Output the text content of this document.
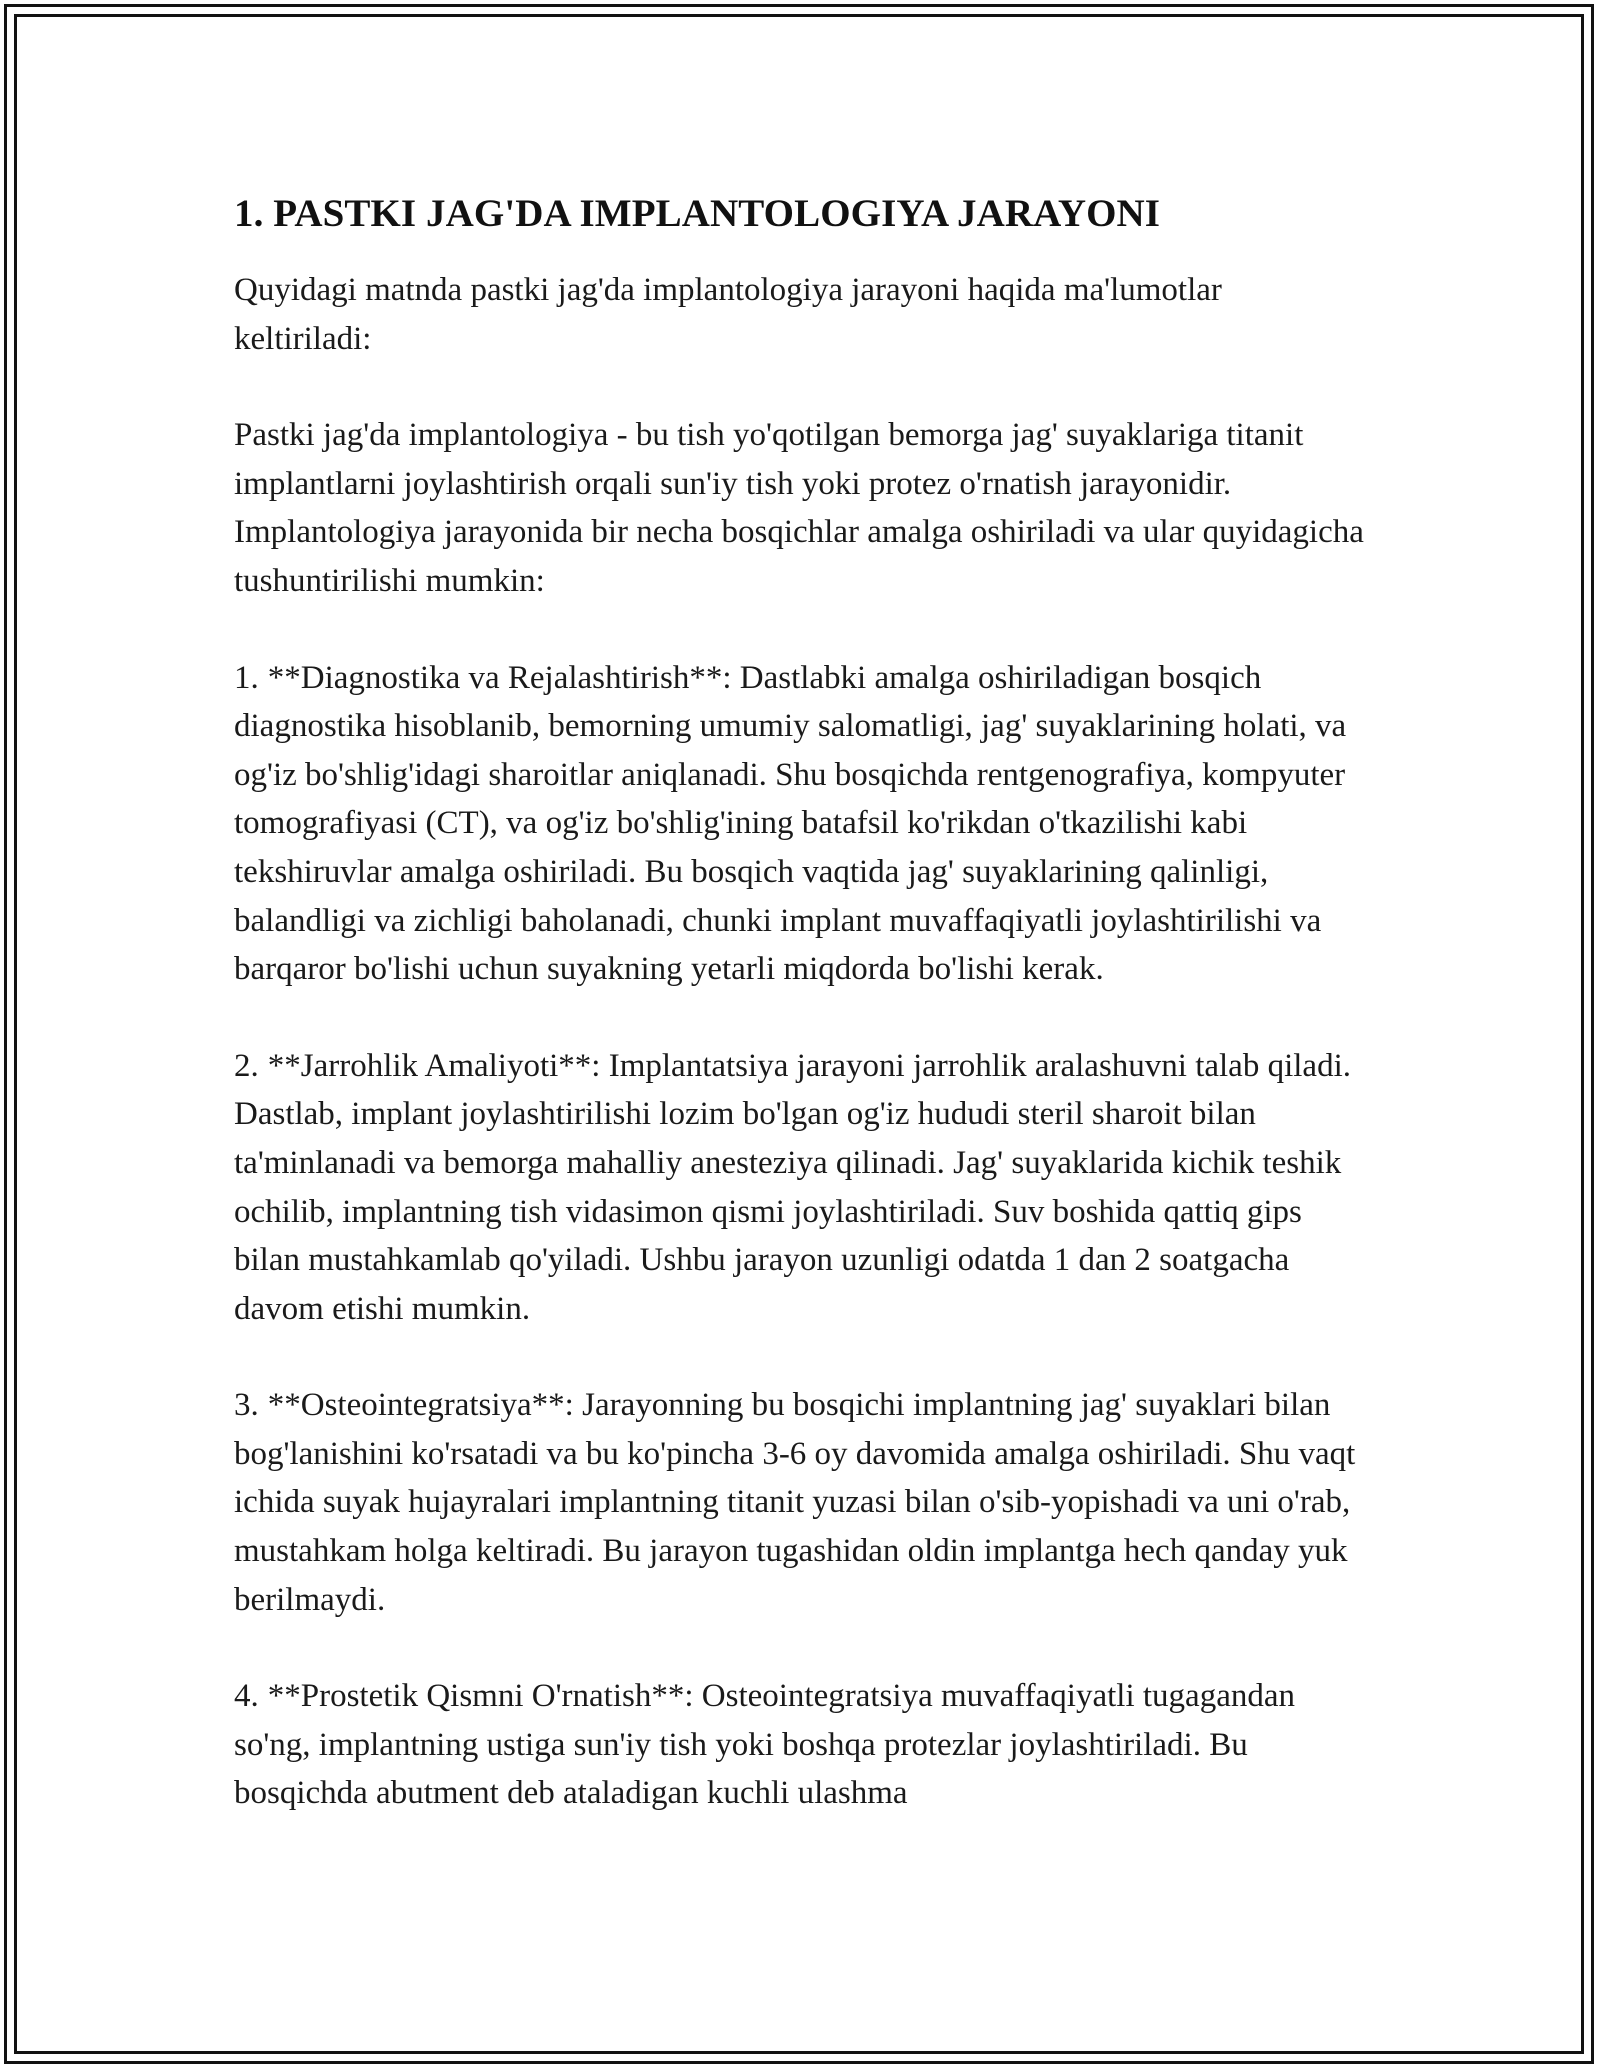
1. PASTKI JAG'DA IMPLANTOLOGIYA JARAYONI

Quyidagi matnda pastki jag'da implantologiya jarayoni haqida ma'lumotlar keltiriladi:

Pastki jag'da implantologiya - bu tish yo'qotilgan bemorga jag' suyaklariga titanit implantlarni joylashtirish orqali sun'iy tish yoki protez o'rnatish jarayonidir. Implantologiya jarayonida bir necha bosqichlar amalga oshiriladi va ular quyidagicha tushuntirilishi mumkin:

1. **Diagnostika va Rejalashtirish**: Dastlabki amalga oshiriladigan bosqich diagnostika hisoblanib, bemorning umumiy salomatligi, jag' suyaklarining holati, va og'iz bo'shlig'idagi sharoitlar aniqlanadi. Shu bosqichda rentgenografiya, kompyuter tomografiyasi (CT), va og'iz bo'shlig'ining batafsil ko'rikdan o'tkazilishi kabi tekshiruvlar amalga oshiriladi. Bu bosqich vaqtida jag' suyaklarining qalinligi, balandligi va zichligi baholanadi, chunki implant muvaffaqiyatli joylashtirilishi va barqaror bo'lishi uchun suyakning yetarli miqdorda bo'lishi kerak.

2. **Jarrohlik Amaliyoti**: Implantatsiya jarayoni jarrohlik aralashuvni talab qiladi. Dastlab, implant joylashtirilishi lozim bo'lgan og'iz hududi steril sharoit bilan ta'minlanadi va bemorga mahalliy anesteziya qilinadi. Jag' suyaklarida kichik teshik ochilib, implantning tish vidasimon qismi joylashtiriladi. Suv boshida qattiq gips bilan mustahkamlab qo'yiladi. Ushbu jarayon uzunligi odatda 1 dan 2 soatgacha davom etishi mumkin.

3. **Osteointegratsiya**: Jarayonning bu bosqichi implantning jag' suyaklari bilan bog'lanishini ko'rsatadi va bu ko'pincha 3-6 oy davomida amalga oshiriladi. Shu vaqt ichida suyak hujayralari implantning titanit yuzasi bilan o'sib-yopishadi va uni o'rab, mustahkam holga keltiradi. Bu jarayon tugashidan oldin implantga hech qanday yuk berilmaydi.

4. **Prostetik Qismni O'rnatish**: Osteointegratsiya muvaffaqiyatli tugagandan so'ng, implantning ustiga sun'iy tish yoki boshqa protezlar joylashtiriladi. Bu bosqichda abutment deb ataladigan kuchli ulashma
